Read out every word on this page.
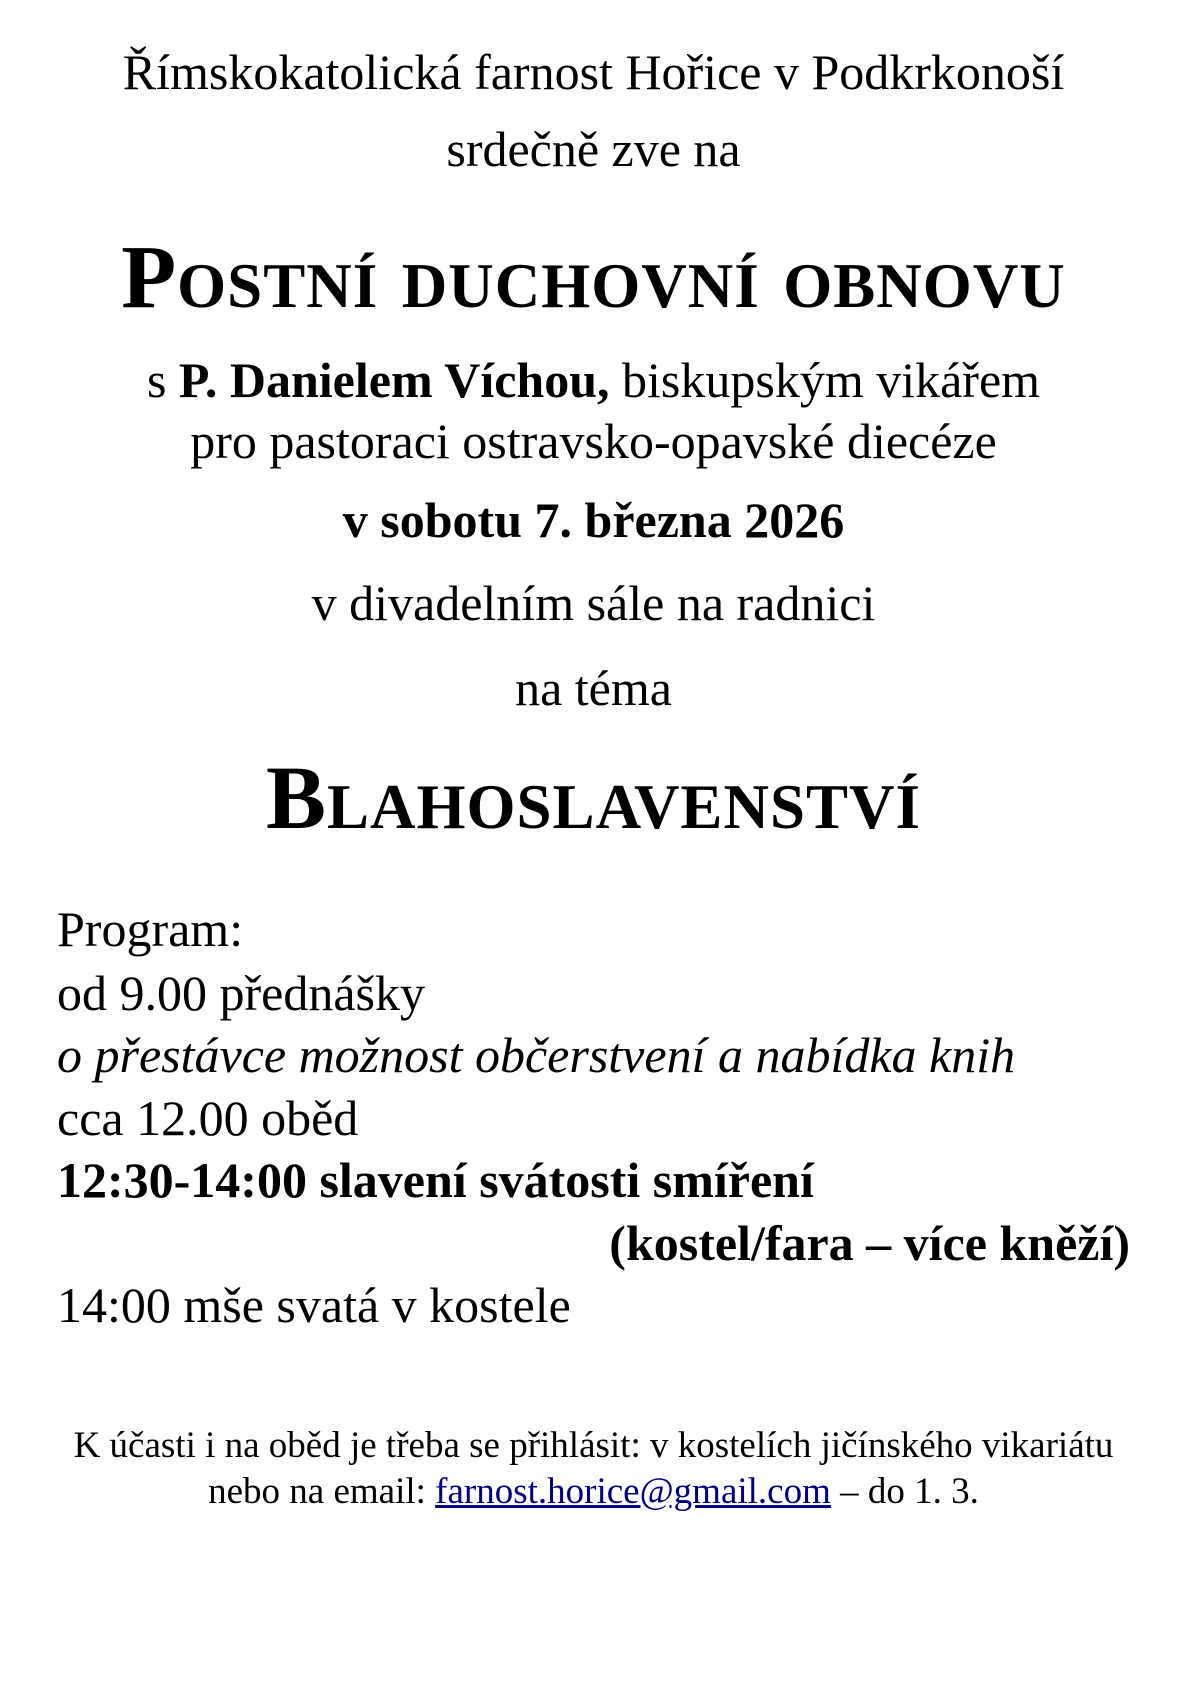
Římskokatolická farnost Hořice v Podkrkonoší

srdečně zve na

Postní duchovní obnovu

s P. Danielem Víchou, biskupským vikářem
pro pastoraci ostravsko-opavské diecéze

v sobotu 7. března 2026

v divadelním sále na radnici

na téma

Blahoslavenství

Program:

od 9.00 přednášky

o přestávce možnost občerstvení a nabídka knih

cca 12.00 oběd

12:30-14:00 slavení svátosti smíření

(kostel/fara – více kněží)

14:00 mše svatá v kostele

K účasti i na oběd je třeba se přihlásit: v kostelích jičínského vikariátu
nebo na email: farnost.horice@gmail.com – do 1. 3.
